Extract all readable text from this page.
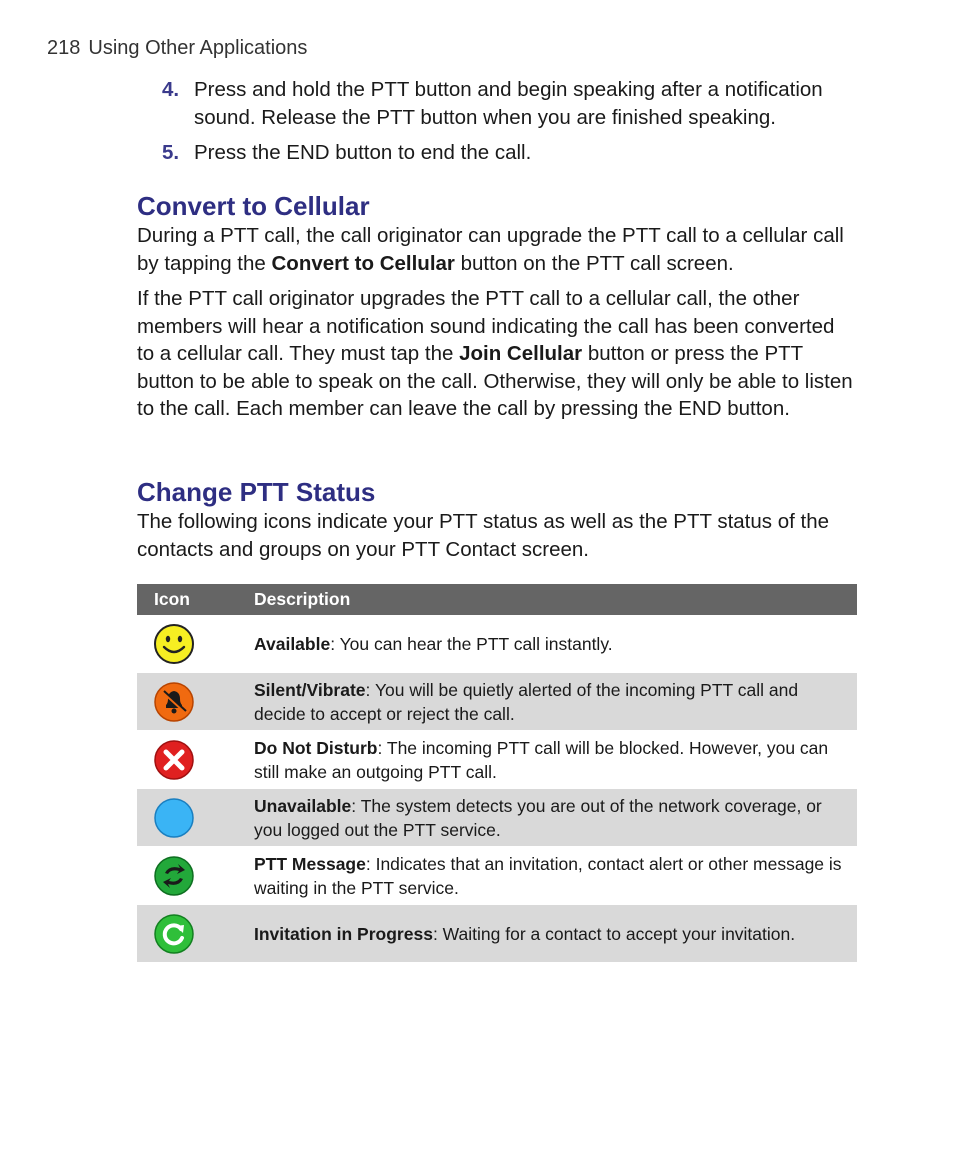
218 Using Other Applications
4. Press and hold the PTT button and begin speaking after a notification sound. Release the PTT button when you are finished speaking.
5. Press the END button to end the call.
Convert to Cellular

During a PTT call, the call originator can upgrade the PTT call to a cellular call by tapping the Convert to Cellular button on the PTT call screen.

If the PTT call originator upgrades the PTT call to a cellular call, the other members will hear a notification sound indicating the call has been converted to a cellular call. They must tap the Join Cellular button or press the PTT button to be able to speak on the call. Otherwise, they will only be able to listen to the call. Each member can leave the call by pressing the END button.

Change PTT Status

The following icons indicate your PTT status as well as the PTT status of the contacts and groups on your PTT Contact screen.

Icon	Description
Available: You can hear the PTT call instantly.
Silent/Vibrate: You will be quietly alerted of the incoming PTT call and decide to accept or reject the call.
Do Not Disturb: The incoming PTT call will be blocked. However, you can still make an outgoing PTT call.
Unavailable: The system detects you are out of the network coverage, or you logged out the PTT service.
PTT Message: Indicates that an invitation, contact alert or other message is waiting in the PTT service.
Invitation in Progress: Waiting for a contact to accept your invitation.
